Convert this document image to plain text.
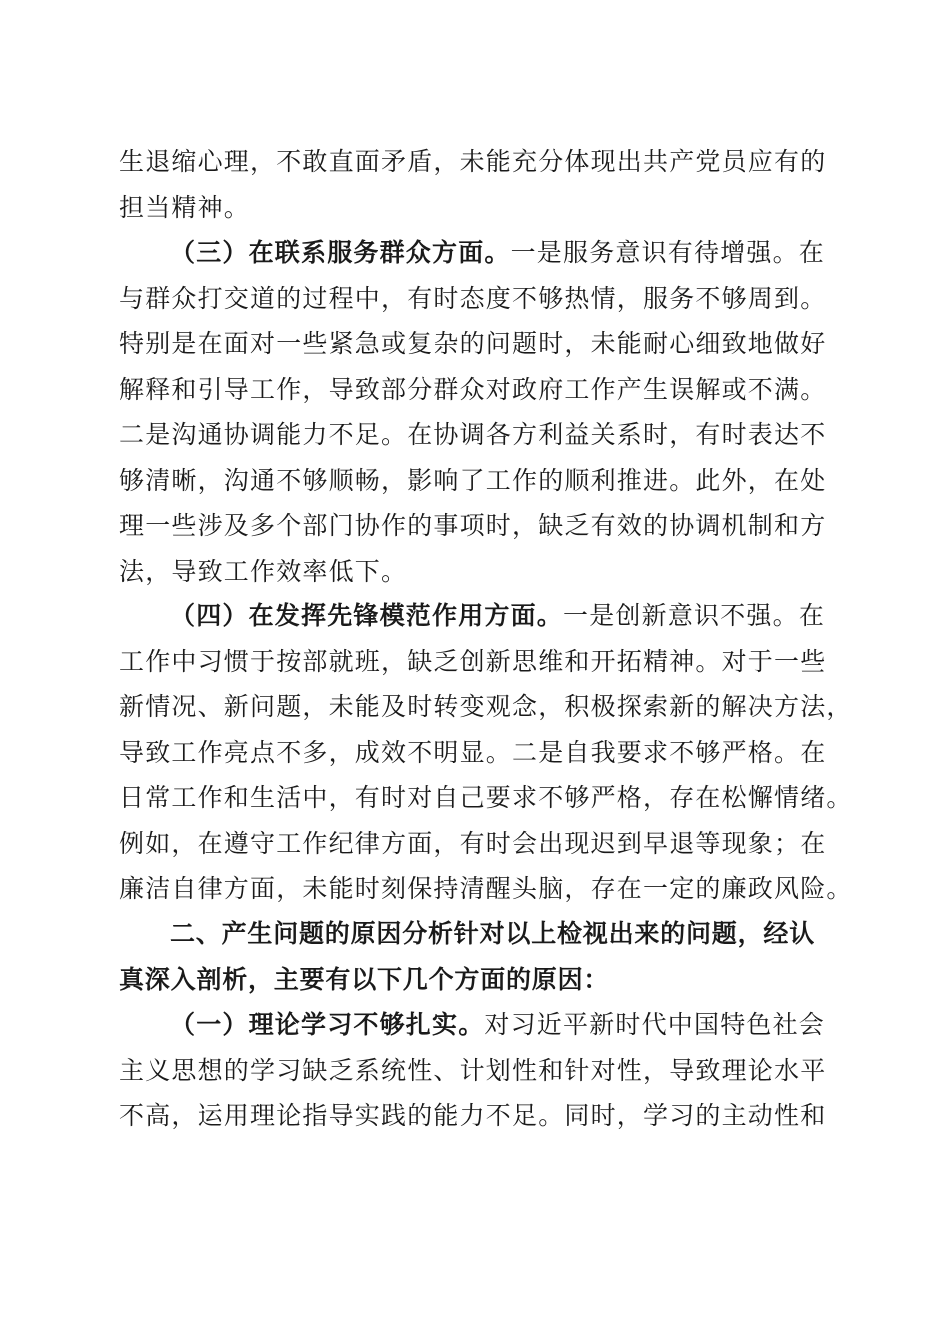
生退缩心理，不敢直面矛盾，未能充分体现出共产党员应有的
担当精神。
（三）在联系服务群众方面。一是服务意识有待增强。在
与群众打交道的过程中，有时态度不够热情，服务不够周到。
特别是在面对一些紧急或复杂的问题时，未能耐心细致地做好
解释和引导工作，导致部分群众对政府工作产生误解或不满。
二是沟通协调能力不足。在协调各方利益关系时，有时表达不
够清晰，沟通不够顺畅，影响了工作的顺利推进。此外，在处
理一些涉及多个部门协作的事项时，缺乏有效的协调机制和方
法，导致工作效率低下。
（四）在发挥先锋模范作用方面。一是创新意识不强。在
工作中习惯于按部就班，缺乏创新思维和开拓精神。对于一些
新情况、新问题，未能及时转变观念，积极探索新的解决方法，
导致工作亮点不多，成效不明显。二是自我要求不够严格。在
日常工作和生活中，有时对自己要求不够严格，存在松懈情绪。
例如，在遵守工作纪律方面，有时会出现迟到早退等现象；在
廉洁自律方面，未能时刻保持清醒头脑，存在一定的廉政风险。
二、产生问题的原因分析针对以上检视出来的问题，经认
真深入剖析，主要有以下几个方面的原因：
（一）理论学习不够扎实。对习近平新时代中国特色社会
主义思想的学习缺乏系统性、计划性和针对性，导致理论水平
不高，运用理论指导实践的能力不足。同时，学习的主动性和
